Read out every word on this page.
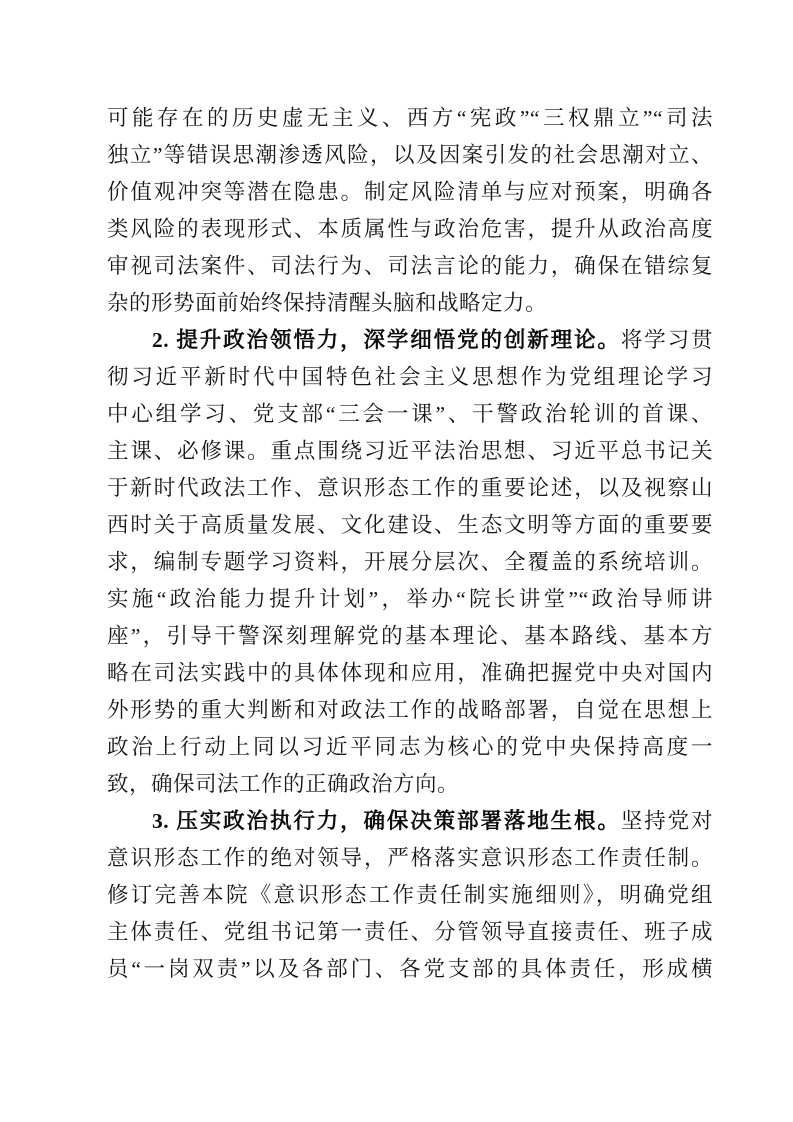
可能存在的历史虚无主义、西方“宪政”“三权鼎立”“司法
独立”等错误思潮渗透风险，以及因案引发的社会思潮对立、
价值观冲突等潜在隐患。制定风险清单与应对预案，明确各
类风险的表现形式、本质属性与政治危害，提升从政治高度
审视司法案件、司法行为、司法言论的能力，确保在错综复
杂的形势面前始终保持清醒头脑和战略定力。
2. 提升政治领悟力，深学细悟党的创新理论。将学习贯
彻习近平新时代中国特色社会主义思想作为党组理论学习
中心组学习、党支部“三会一课”、干警政治轮训的首课、
主课、必修课。重点围绕习近平法治思想、习近平总书记关
于新时代政法工作、意识形态工作的重要论述，以及视察山
西时关于高质量发展、文化建设、生态文明等方面的重要要
求，编制专题学习资料，开展分层次、全覆盖的系统培训。
实施“政治能力提升计划”，举办“院长讲堂”“政治导师讲
座”，引导干警深刻理解党的基本理论、基本路线、基本方
略在司法实践中的具体体现和应用，准确把握党中央对国内
外形势的重大判断和对政法工作的战略部署，自觉在思想上
政治上行动上同以习近平同志为核心的党中央保持高度一
致，确保司法工作的正确政治方向。
3. 压实政治执行力，确保决策部署落地生根。坚持党对
意识形态工作的绝对领导，严格落实意识形态工作责任制。
修订完善本院《意识形态工作责任制实施细则》，明确党组
主体责任、党组书记第一责任、分管领导直接责任、班子成
员“一岗双责”以及各部门、各党支部的具体责任，形成横
